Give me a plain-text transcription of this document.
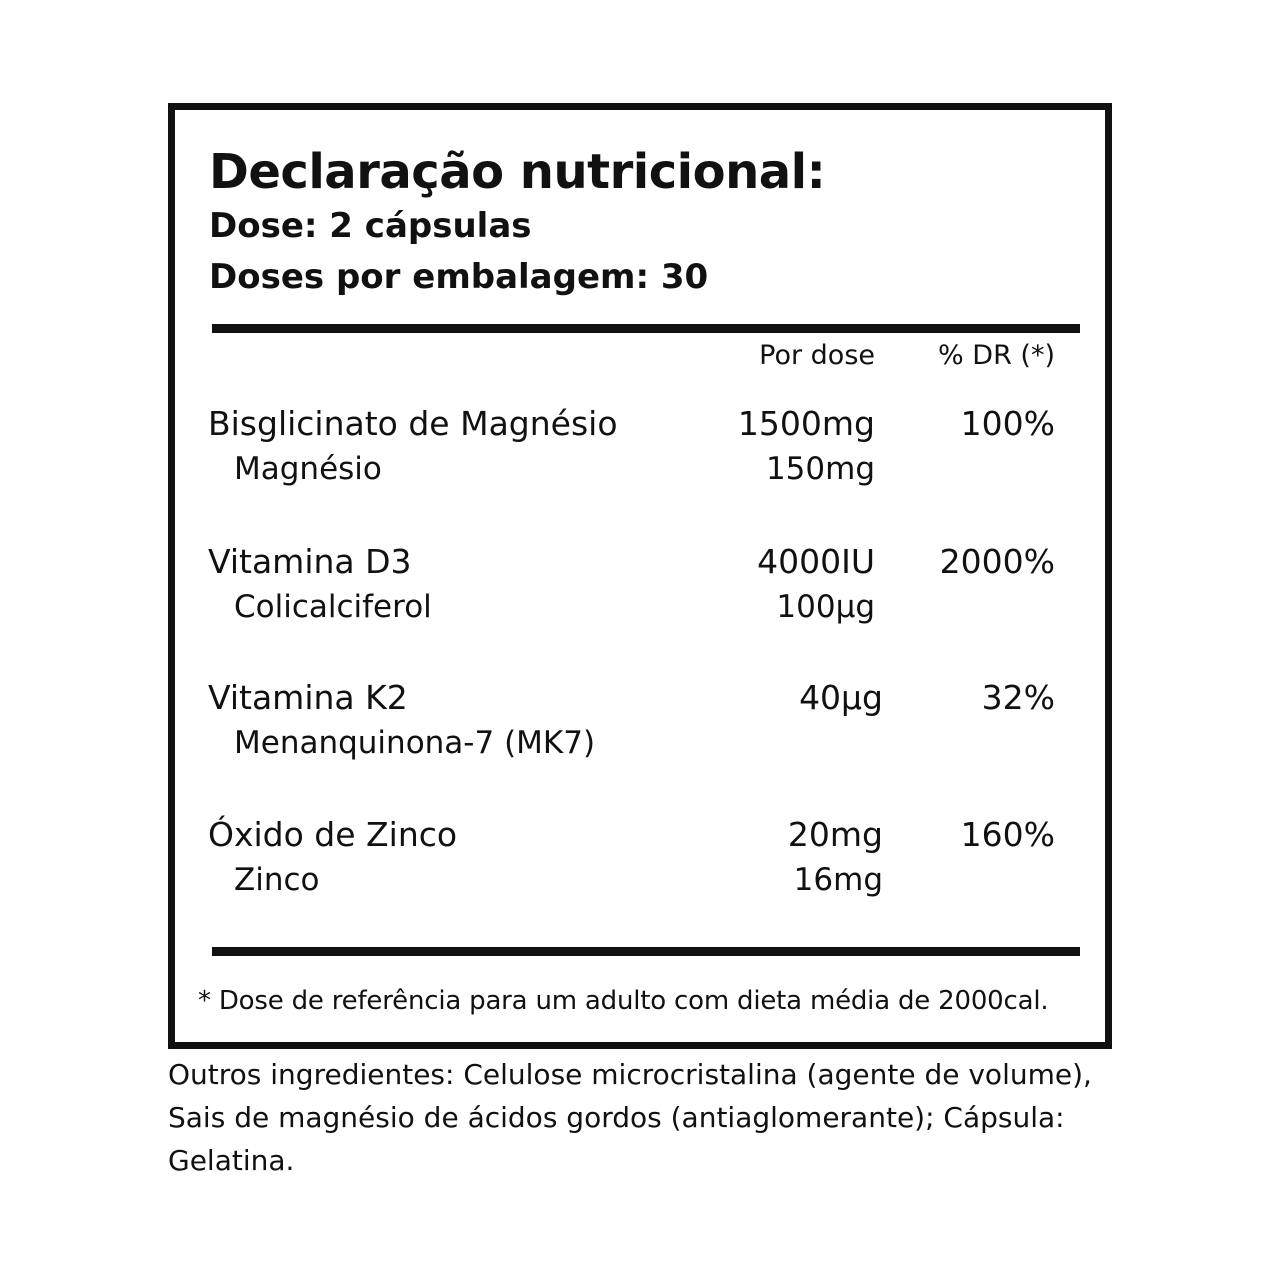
Declaração nutricional:
Dose: 2 cápsulas
Doses por embalagem: 30
Por dose % DR (*)
Bisglicinato de Magnésio	1500mg	100%
Magnésio	150mg
Vitamina D3	4000IU 2000%
Colicalciferol	100µg
Vitamina K2	40µg	32%
Menanquinona-7 (MK7)
Óxido de Zinco	20mg 160%
Zinco	16mg
* Dose de referência para um adulto com dieta média de 2000cal.
Outros ingredientes: Celulose microcristalina (agente de volume), Sais de magnésio de ácidos gordos (antiaglomerante); Cápsula: Gelatina.
